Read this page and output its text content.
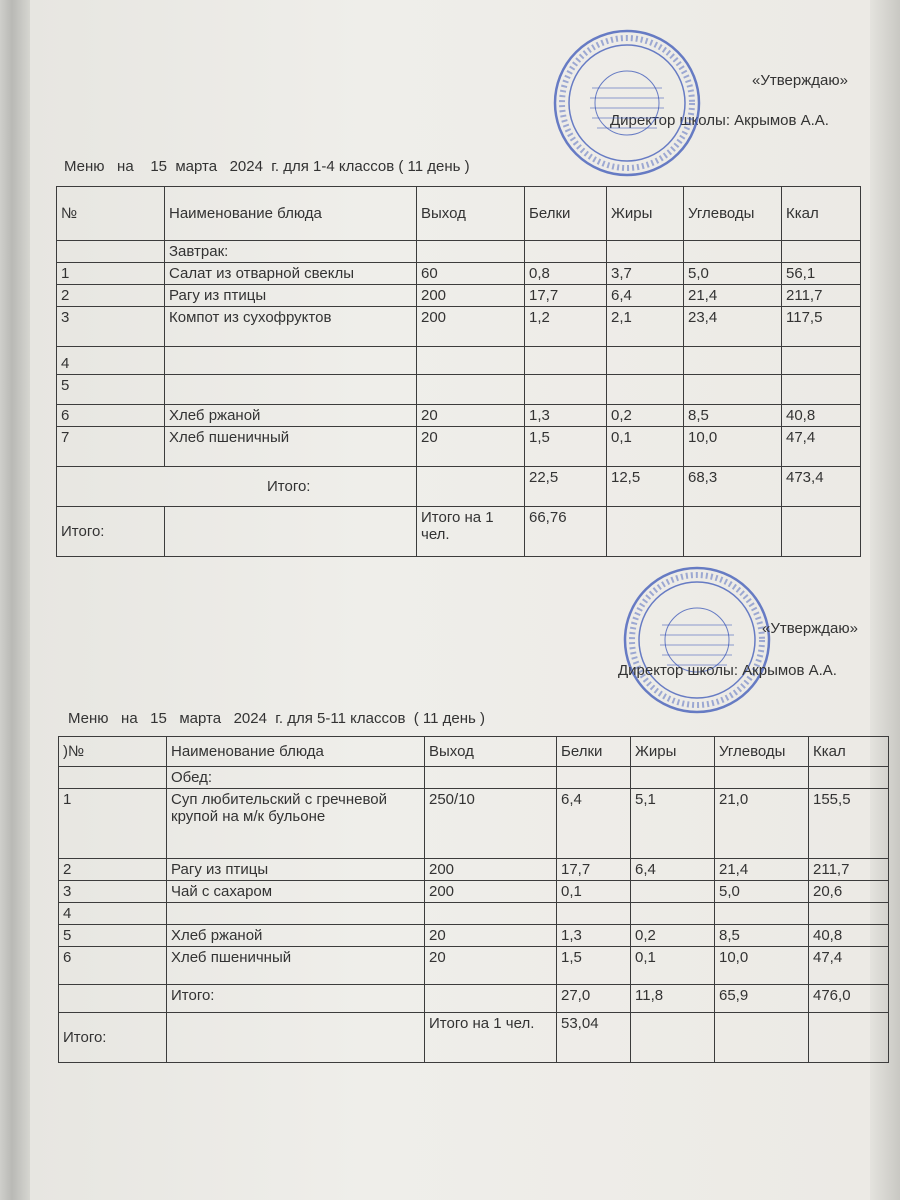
«Утверждаю»
Директор школы: Акрымов А.А.
Меню   на    15  марта   2024  г. для 1-4 классов ( 11 день )
№	Наименование блюда	Выход	Белки	Жиры	Углеводы	Ккал
	Завтрак:					
1	Салат из отварной свеклы	60	0,8	3,7	5,0	56,1
2	Рагу из птицы	200	17,7	6,4	21,4	211,7
3	Компот из сухофруктов	200	1,2	2,1	23,4	117,5
4						
5						
6	Хлеб ржаной	20	1,3	0,2	8,5	40,8
7	Хлеб пшеничный	20	1,5	0,1	10,0	47,4
Итого:			22,5	12,5	68,3	473,4
Итого:		Итого на 1 чел.	66,76			
«Утверждаю»
Директор школы: Акрымов А.А.
Меню   на   15   марта   2024  г. для 5-11 классов  ( 11 день )
)№	Наименование блюда	Выход	Белки	Жиры	Углеводы	Ккал
	Обед:					
1	Суп любительский с гречневой крупой на м/к бульоне	250/10	6,4	5,1	21,0	155,5
2	Рагу из птицы	200	17,7	6,4	21,4	211,7
3	Чай с сахаром	200	0,1		5,0	20,6
4						
5	Хлеб ржаной	20	1,3	0,2	8,5	40,8
6	Хлеб пшеничный	20	1,5	0,1	10,0	47,4
	Итого:		27,0	11,8	65,9	476,0
Итого:		Итого на 1 чел.	53,04			
